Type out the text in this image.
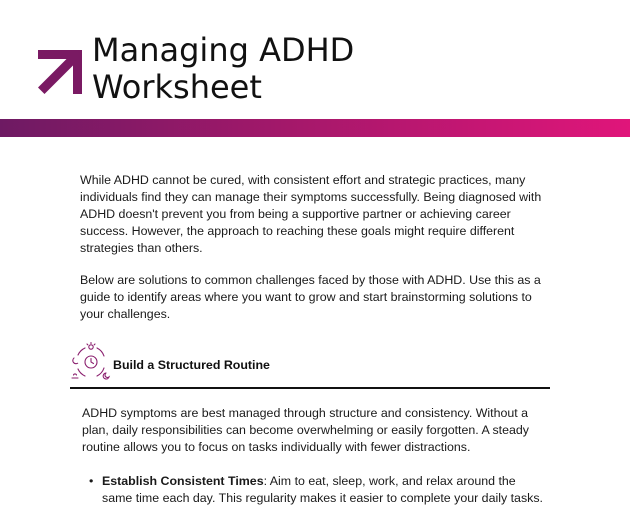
Managing ADHD
Worksheet

While ADHD cannot be cured, with consistent effort and strategic practices, many individuals find they can manage their symptoms successfully. Being diagnosed with ADHD doesn't prevent you from being a supportive partner or achieving career success. However, the approach to reaching these goals might require different strategies than others.

Below are solutions to common challenges faced by those with ADHD. Use this as a guide to identify areas where you want to grow and start brainstorming solutions to your challenges.

Build a Structured Routine

ADHD symptoms are best managed through structure and consistency. Without a plan, daily responsibilities can become overwhelming or easily forgotten. A steady routine allows you to focus on tasks individually with fewer distractions.

• Establish Consistent Times: Aim to eat, sleep, work, and relax around the same time each day. This regularity makes it easier to complete your daily tasks.
